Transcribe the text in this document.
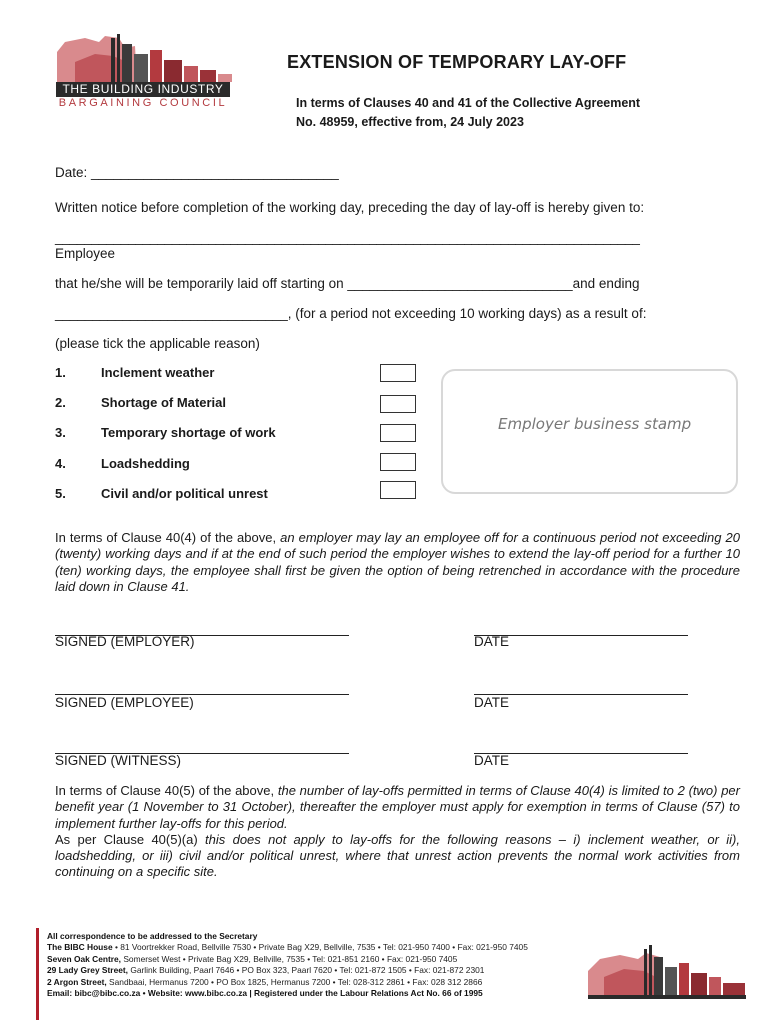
THE BUILDING INDUSTRY
BARGAINING COUNCIL
EXTENSION OF TEMPORARY LAY-OFF
In terms of Clauses 40 and 41 of the Collective Agreement
No. 48959, effective from, 24 July 2023
Date: _________________________________
Written notice before completion of the working day, preceding the day of lay-off is hereby given to:
________________________________________________________________________________
Employee
that he/she will be temporarily laid off starting on ______________________________and ending
_______________________________, (for a period not exceeding 10 working days) as a result of:
(please tick the applicable reason)
1.	Inclement weather
2.	Shortage of Material
3.	Temporary shortage of work
4.	Loadshedding
5.	Civil and/or political unrest
Employer business stamp
In terms of Clause 40(4) of the above, an employer may lay an employee off for a continuous period not exceeding 20 (twenty) working days and if at the end of such period the employer wishes to extend the lay-off period for a further 10 (ten) working days, the employee shall first be given the option of being retrenched in accordance with the procedure laid down in Clause 41.
SIGNED (EMPLOYER)	DATE
SIGNED (EMPLOYEE)	DATE
SIGNED (WITNESS)	DATE
In terms of Clause 40(5) of the above, the number of lay-offs permitted in terms of Clause 40(4) is limited to 2 (two) per benefit year (1 November to 31 October), thereafter the employer must apply for exemption in terms of Clause (57) to implement further lay-offs for this period.
As per Clause 40(5)(a) this does not apply to lay-offs for the following reasons – i) inclement weather, or ii), loadshedding, or iii) civil and/or political unrest, where that unrest action prevents the normal work activities from continuing on a specific site.
All correspondence to be addressed to the Secretary
The BIBC House • 81 Voortrekker Road, Bellville 7530 • Private Bag X29, Bellville, 7535 • Tel: 021-950 7400 • Fax: 021-950 7405
Seven Oak Centre, Somerset West • Private Bag X29, Bellville, 7535 • Tel: 021-851 2160 • Fax: 021-950 7405
29 Lady Grey Street, Garlink Building, Paarl 7646 • PO Box 323, Paarl 7620 • Tel: 021-872 1505 • Fax: 021-872 2301
2 Argon Street, Sandbaai, Hermanus 7200 • PO Box 1825, Hermanus 7200 • Tel: 028-312 2861 • Fax: 028 312 2866
Email: bibc@bibc.co.za • Website: www.bibc.co.za | Registered under the Labour Relations Act No. 66 of 1995
